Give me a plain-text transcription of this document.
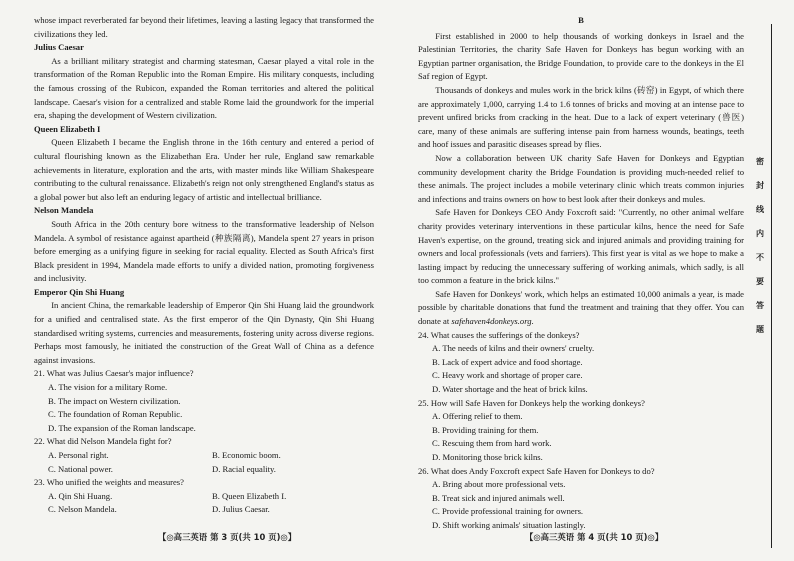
whose impact reverberated far beyond their lifetimes, leaving a lasting legacy that transformed the civilizations they led.

Julius Caesar

As a brilliant military strategist and charming statesman, Caesar played a vital role in the transformation of the Roman Republic into the Roman Empire. His military conquests, including the famous crossing of the Rubicon, expanded the Roman territories and altered the political landscape. Caesar's vision for a centralized and stable Rome laid the groundwork for the imperial era, shaping the development of Western civilization.

Queen Elizabeth I

Queen Elizabeth I became the English throne in the 16th century and entered a period of cultural flourishing known as the Elizabethan Era. Under her rule, England saw remarkable achievements in literature, exploration and the arts, with master minds like William Shakespeare contributing to the cultural renaissance. Elizabeth's reign not only strengthened England's status as a global power but also left an enduring legacy of artistic and intellectual brilliance.

Nelson Mandela

South Africa in the 20th century bore witness to the transformative leadership of Nelson Mandela. A symbol of resistance against apartheid (种族隔离), Mandela spent 27 years in prison before emerging as a unifying figure in seeking for racial equality. Elected as South Africa's first Black president in 1994, Mandela made efforts to unify a divided nation, promoting forgiveness and inclusivity.

Emperor Qin Shi Huang

In ancient China, the remarkable leadership of Emperor Qin Shi Huang laid the groundwork for a unified and centralised state. As the first emperor of the Qin Dynasty, Qin Shi Huang standardised writing systems, currencies and measurements, fostering unity across diverse regions. Perhaps most famously, he initiated the construction of the Great Wall of China as a defence against invasions.

21. What was Julius Caesar's major influence?

A. The vision for a military Rome.

B. The impact on Western civilization.

C. The foundation of Roman Republic.

D. The expansion of the Roman landscape.

22. What did Nelson Mandela fight for?

A. Personal right.	B. Economic boom.
C. National power.	D. Racial equality.

23. Who unified the weights and measures?

A. Qin Shi Huang.	B. Queen Elizabeth I.
C. Nelson Mandela.	D. Julius Caesar.

B

First established in 2000 to help thousands of working donkeys in Israel and the Palestinian Territories, the charity Safe Haven for Donkeys has begun working with an Egyptian partner organisation, the Bridge Foundation, to provide care to the donkeys in the El Saf region of Egypt.

Thousands of donkeys and mules work in the brick kilns (砖窑) in Egypt, of which there are approximately 1,000, carrying 1.4 to 1.6 tonnes of bricks and moving at an intense pace to prevent unfired bricks from cracking in the heat. Due to a lack of expert veterinary (兽医) care, many of these animals are suffering intense pain from harness wounds, beatings, teeth and hoof issues and parasitic diseases spread by flies.

Now a collaboration between UK charity Safe Haven for Donkeys and Egyptian community development charity the Bridge Foundation is providing much-needed relief to these animals. The project includes a mobile veterinary clinic which treats common injuries and infections and trains owners on how to best look after their donkeys and mules.

Safe Haven for Donkeys CEO Andy Foxcroft said: "Currently, no other animal welfare charity provides veterinary interventions in these particular kilns, hence the need for Safe Haven's expertise, on the ground, treating sick and injured animals and providing training for owners and local professionals (vets and farriers). This first year is vital as we hope to make a lasting impact by reducing the unnecessary suffering of working animals, which sadly, is all too common a feature in the brick kilns."

Safe Haven for Donkeys' work, which helps an estimated 10,000 animals a year, is made possible by charitable donations that fund the treatment and training that they offer. You can donate at safehaven4donkeys.org.

24. What causes the sufferings of the donkeys?

A. The needs of kilns and their owners' cruelty.

B. Lack of expert advice and food shortage.

C. Heavy work and shortage of proper care.

D. Water shortage and the heat of brick kilns.

25. How will Safe Haven for Donkeys help the working donkeys?

A. Offering relief to them.

B. Providing training for them.

C. Rescuing them from hard work.

D. Monitoring those brick kilns.

26. What does Andy Foxcroft expect Safe Haven for Donkeys to do?

A. Bring about more professional vets.

B. Treat sick and injured animals well.

C. Provide professional training for owners.

D. Shift working animals' situation lastingly.

【◎高三英语 第 3 页(共 10 页)◎】	【◎高三英语 第 4 页(共 10 页)◎】
密
封
线
内
不
要
答
题
